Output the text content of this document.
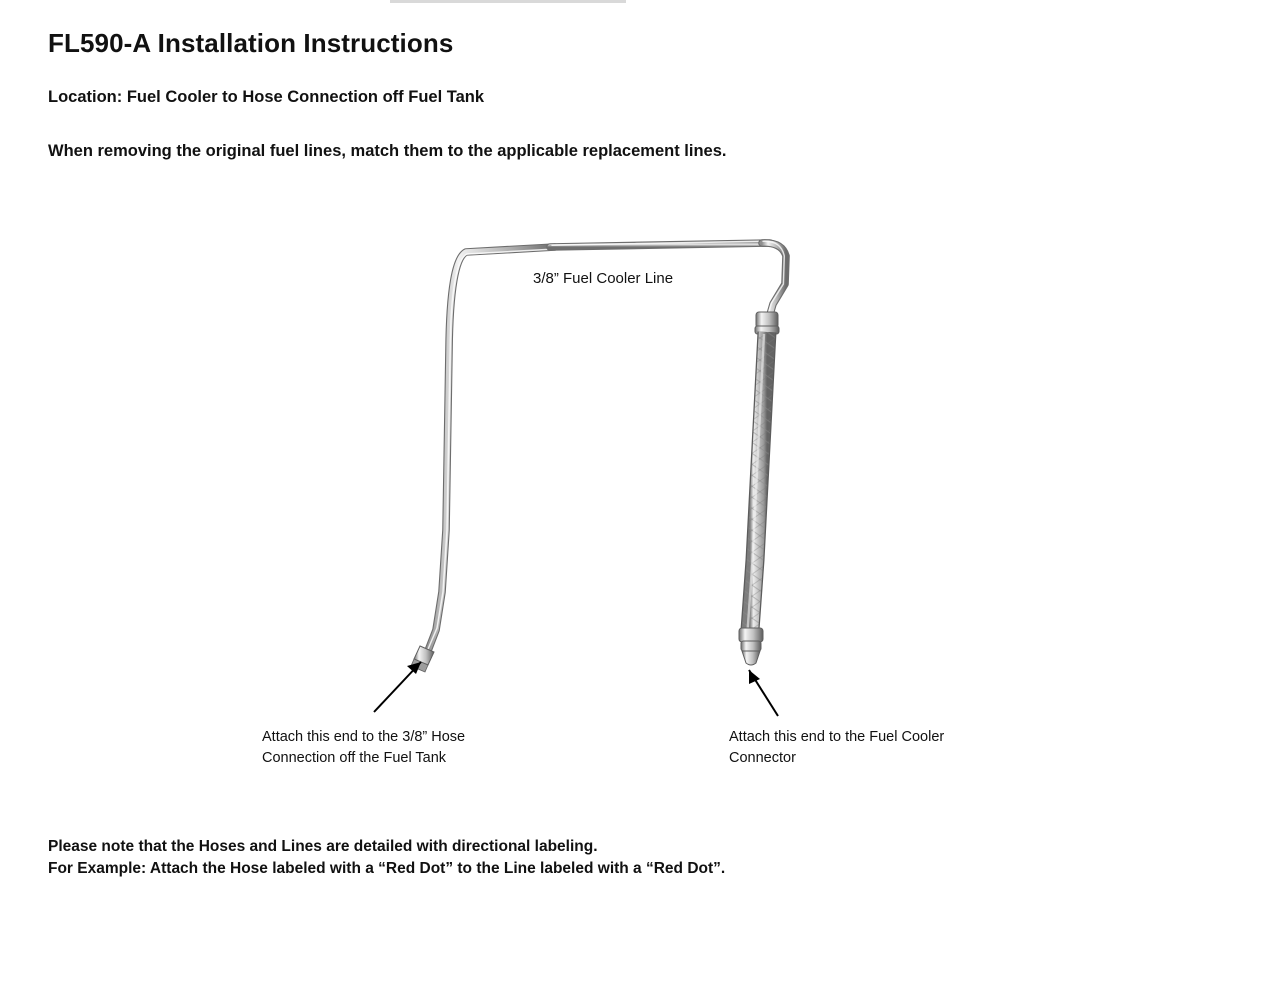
FL590-A Installation Instructions
Location: Fuel Cooler to Hose Connection off Fuel Tank
When removing the original fuel lines, match them to the applicable replacement lines.
3/8” Fuel Cooler Line
Attach this end to the 3/8” Hose Connection off the Fuel Tank
Attach this end to the Fuel Cooler Connector
Please note that the Hoses and Lines are detailed with directional labeling.
For Example: Attach the Hose labeled with a “Red Dot” to the Line labeled with a “Red Dot”.
